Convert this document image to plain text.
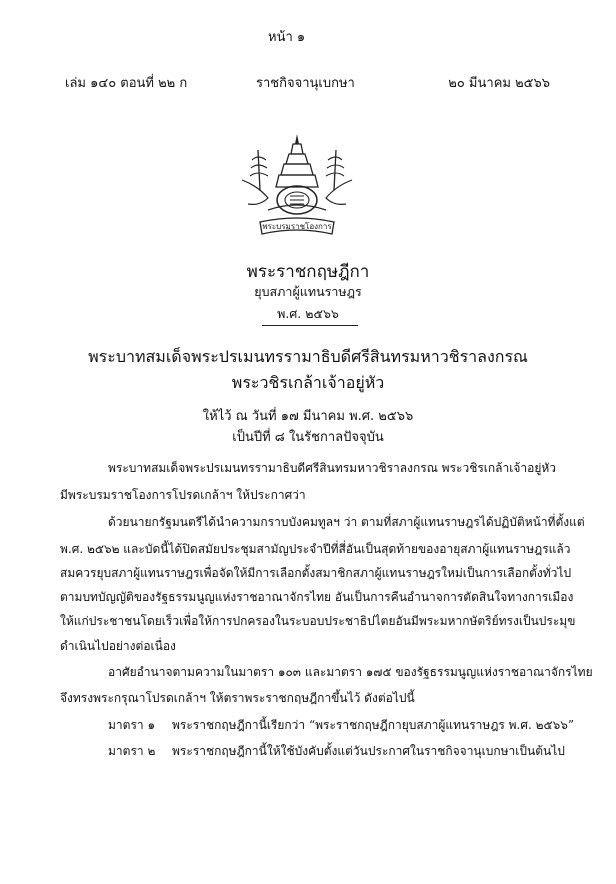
หน้า ๑
เล่ม ๑๔๐ ตอนที่ ๒๒ ก	ราชกิจจานุเบกษา	๒๐ มีนาคม ๒๕๖๖
พระบรมราชโองการ
พระราชกฤษฎีกา
ยุบสภาผู้แทนราษฎร
พ.ศ. ๒๕๖๖
พระบาทสมเด็จพระปรเมนทรรามาธิบดีศรีสินทรมหาวชิราลงกรณ
พระวชิรเกล้าเจ้าอยู่หัว
ให้ไว้ ณ วันที่ ๑๗ มีนาคม พ.ศ. ๒๕๖๖
เป็นปีที่ ๘ ในรัชกาลปัจจุบัน
พระบาทสมเด็จพระปรเมนทรรามาธิบดีศรีสินทรมหาวชิราลงกรณ พระวชิรเกล้าเจ้าอยู่หัว
มีพระบรมราชโองการโปรดเกล้าฯ ให้ประกาศว่า
ด้วยนายกรัฐมนตรีได้นำความกราบบังคมทูลฯ ว่า ตามที่สภาผู้แทนราษฎรได้ปฏิบัติหน้าที่ตั้งแต่
พ.ศ. ๒๕๖๒ และบัดนี้ได้ปิดสมัยประชุมสามัญประจำปีที่สี่อันเป็นสุดท้ายของอายุสภาผู้แทนราษฎรแล้ว
สมควรยุบสภาผู้แทนราษฎรเพื่อจัดให้มีการเลือกตั้งสมาชิกสภาผู้แทนราษฎรใหม่เป็นการเลือกตั้งทั่วไป
ตามบทบัญญัติของรัฐธรรมนูญแห่งราชอาณาจักรไทย อันเป็นการคืนอำนาจการตัดสินใจทางการเมือง
ให้แก่ประชาชนโดยเร็วเพื่อให้การปกครองในระบอบประชาธิปไตยอันมีพระมหากษัตริย์ทรงเป็นประมุข
ดำเนินไปอย่างต่อเนื่อง
อาศัยอำนาจตามความในมาตรา ๑๐๓ และมาตรา ๑๗๕ ของรัฐธรรมนูญแห่งราชอาณาจักรไทย
จึงทรงพระกรุณาโปรดเกล้าฯ ให้ตราพระราชกฤษฎีกาขึ้นไว้ ดังต่อไปนี้
มาตรา ๑ พระราชกฤษฎีกานี้เรียกว่า “พระราชกฤษฎีกายุบสภาผู้แทนราษฎร พ.ศ. ๒๕๖๖”
มาตรา ๒ พระราชกฤษฎีกานี้ให้ใช้บังคับตั้งแต่วันประกาศในราชกิจจานุเบกษาเป็นต้นไป
